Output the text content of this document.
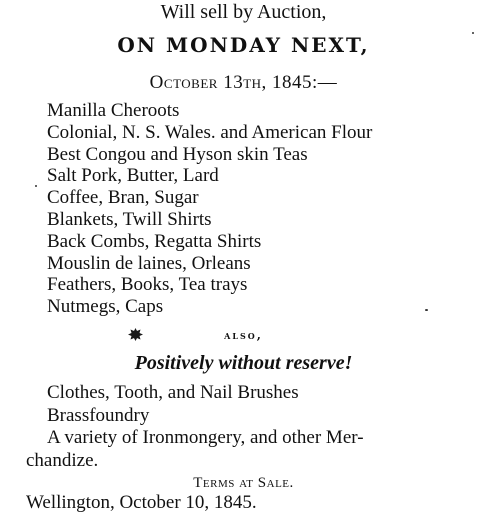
Will sell by Auction,
ON MONDAY NEXT,
October 13th, 1845:—
Manilla Cheroots
Colonial, N. S. Wales. and American Flour
Best Congou and Hyson skin Teas
Salt Pork, Butter, Lard
Coffee, Bran, Sugar
Blankets, Twill Shirts
Back Combs, Regatta Shirts
Mouslin de laines, Orleans
Feathers, Books, Tea trays
Nutmegs, Caps
also,
Positively without reserve!
Clothes, Tooth, and Nail Brushes
Brassfoundry
A variety of Ironmongery, and other Mer-
chandize.
Terms at Sale.
Wellington, October 10, 1845.
